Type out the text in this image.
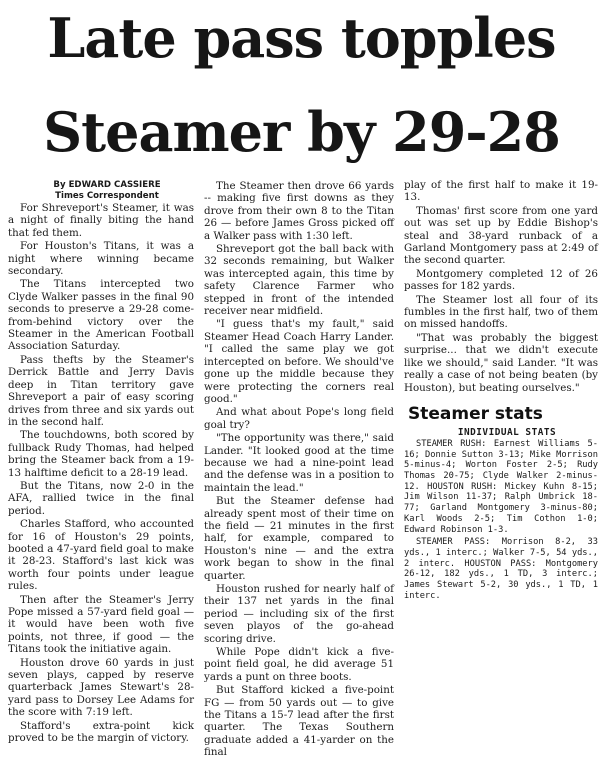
Late pass topples
Steamer by 29-28

By EDWARD CASSIERE

Times Correspondent

For Shreveport's Steamer, it was a night of finally biting the hand that fed them.

For Houston's Titans, it was a night where winning became secondary.

The Titans intercepted two Clyde Walker passes in the final 90 seconds to preserve a 29-28 come-from-behind victory over the Steamer in the American Football Association Saturday.

Pass thefts by the Steamer's Derrick Battle and Jerry Davis deep in Titan territory gave Shreveport a pair of easy scoring drives from three and six yards out in the second half.

The touchdowns, both scored by fullback Rudy Thomas, had helped bring the Steamer back from a 19-13 halftime deficit to a 28-19 lead.

But the Titans, now 2-0 in the AFA, rallied twice in the final period.

Charles Stafford, who accounted for 16 of Houston's 29 points, booted a 47-yard field goal to make it 28-23. Stafford's last kick was worth four points under league rules.

Then after the Steamer's Jerry Pope missed a 57-yard field goal — it would have been woth five points, not three, if good — the Titans took the initiative again.

Houston drove 60 yards in just seven plays, capped by reserve quarterback James Stewart's 28-yard pass to Dorsey Lee Adams for the score with 7:19 left.

Stafford's extra-point kick proved to be the margin of victory.

The Steamer then drove 66 yards -- making five first downs as they drove from their own 8 to the Titan 26 — before James Gross picked off a Walker pass with 1:30 left.

Shreveport got the ball back with 32 seconds remaining, but Walker was intercepted again, this time by safety Clarence Farmer who stepped in front of the intended receiver near midfield.

"I guess that's my fault," said Steamer Head Coach Harry Lander. "I called the same play we got intercepted on before. We should've gone up the middle because they were protecting the corners real good."

And what about Pope's long field goal try?

"The opportunity was there," said Lander. "It looked good at the time because we had a nine-point lead and the defense was in a position to maintain the lead."

But the Steamer defense had already spent most of their time on the field — 21 minutes in the first half, for example, compared to Houston's nine — and the extra work began to show in the final quarter.

Houston rushed for nearly half of their 137 net yards in the final period — including six of the first seven playos of the go-ahead scoring drive.

While Pope didn't kick a five-point field goal, he did average 51 yards a punt on three boots.

But Stafford kicked a five-point FG — from 50 yards out — to give the Titans a 15-7 lead after the first quarter. The Texas Southern graduate added a 41-yarder on the final

play of the first half to make it 19-13.

Thomas' first score from one yard out was set up by Eddie Bishop's steal and 38-yard runback of a Garland Montgomery pass at 2:49 of the second quarter.

Montgomery completed 12 of 26 passes for 182 yards.

The Steamer lost all four of its fumbles in the first half, two of them on missed handoffs.

"That was probably the biggest surprise... that we didn't execute like we should," said Lander. "It was really a case of not being beaten (by Houston), but beating ourselves."

Steamer stats

INDIVIDUAL STATS

STEAMER RUSH: Earnest Williams 5-16; Donnie Sutton 3-13; Mike Morrison 5-minus-4; Worton Foster 2-5; Rudy Thomas 20-75; Clyde Walker 2-minus-12. HOUSTON RUSH: Mickey Kuhn 8-15; Jim Wilson 11-37; Ralph Umbrick 18-77; Garland Montgomery 3-minus-80; Karl Woods 2-5; Tim Cothon 1-0; Edward Robinson 1-3.

STEAMER PASS: Morrison 8-2, 33 yds., 1 interc.; Walker 7-5, 54 yds., 2 interc. HOUSTON PASS: Montgomery 26-12, 182 yds., 1 TD, 3 interc.; James Stewart 5-2, 30 yds., 1 TD, 1 interc.
